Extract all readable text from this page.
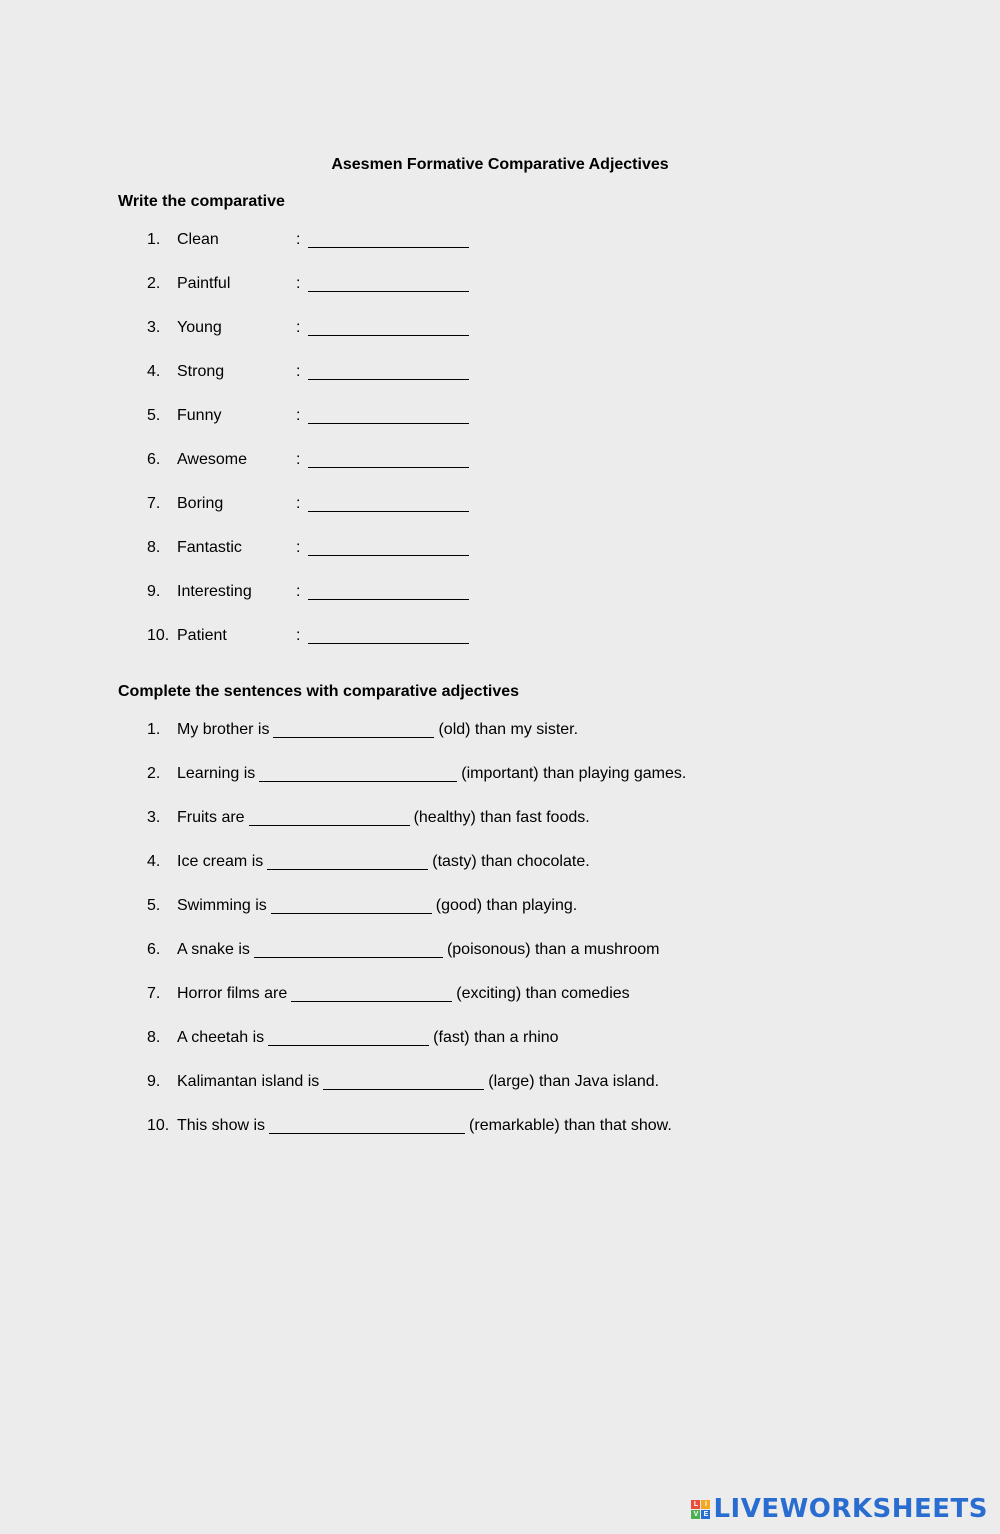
Asesmen Formative Comparative Adjectives
Write the comparative
1.	Clean	:
2.	Paintful	:
3.	Young	:
4.	Strong	:
5.	Funny	:
6.	Awesome	:
7.	Boring	:
8.	Fantastic	:
9.	Interesting	:
10. Patient	:
Complete the sentences with comparative adjectives
1.	My brother is	(old) than my sister.
2.	Learning is	(important) than playing games.
3.	Fruits are	(healthy) than fast foods.
4.	Ice cream is	(tasty) than chocolate.
5.	Swimming is	(good) than playing.
6.	A snake is	(poisonous) than a mushroom
7.	Horror films are	(exciting) than comedies
8.	A cheetah is	(fast) than a rhino
9.	Kalimantan island is	(large) than Java island.
10. This show is	(remarkable) than that show.
L I
V E LIVEWORKSHEETS
